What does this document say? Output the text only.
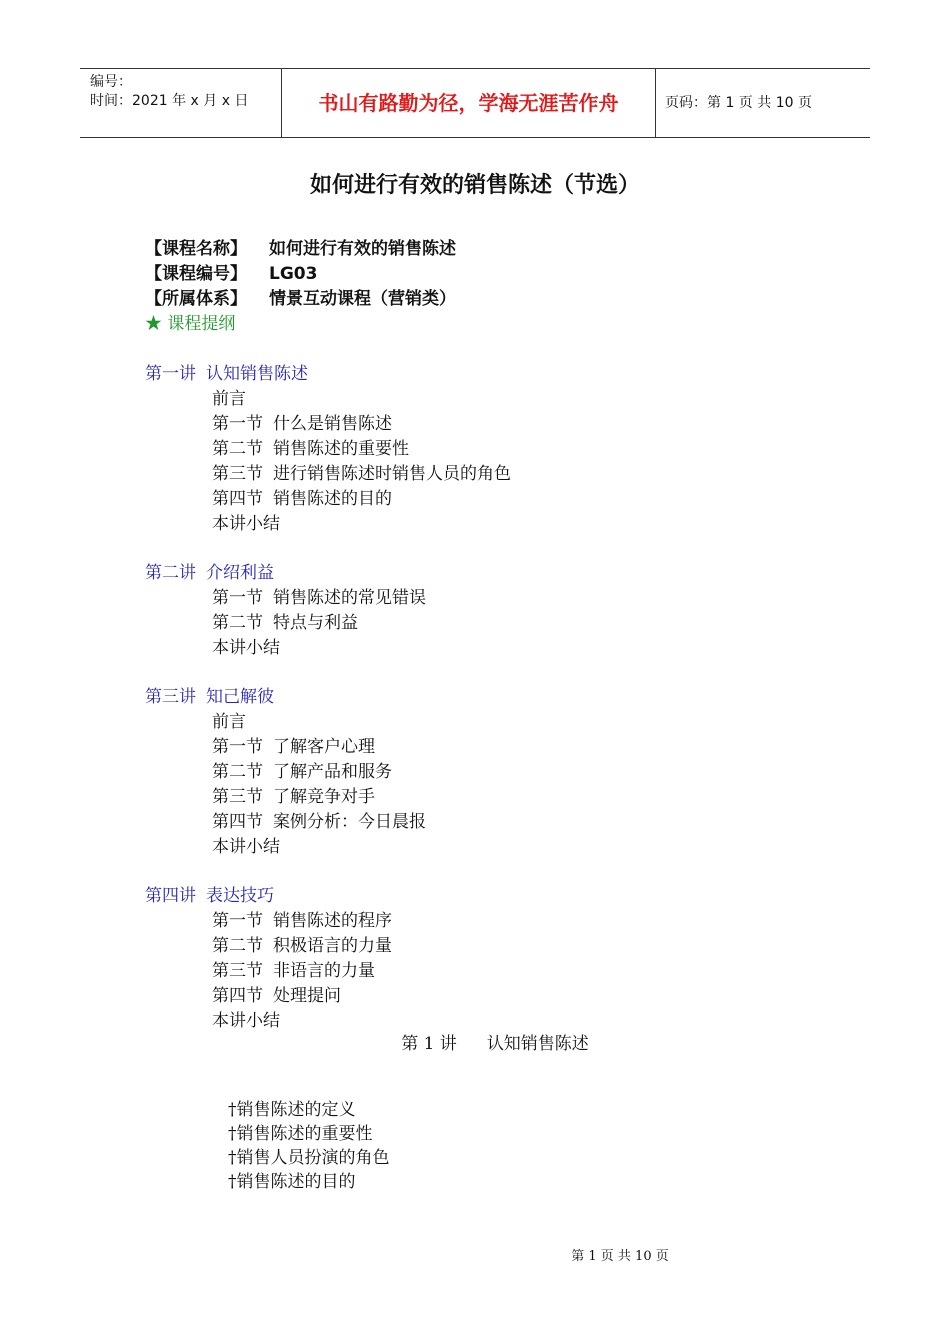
编号：
时间：2021 年 x 月 x 日	书山有路勤为径，学海无涯苦作舟	页码：第 1 页 共 10 页
如何进行有效的销售陈述（节选）
【课程名称】 如何进行有效的销售陈述
【课程编号】 LG03
【所属体系】 情景互动课程（营销类）
★ 课程提纲
第一讲 认知销售陈述
前言
第一节 什么是销售陈述
第二节 销售陈述的重要性
第三节 进行销售陈述时销售人员的角色
第四节 销售陈述的目的
本讲小结
第二讲 介绍利益
第一节 销售陈述的常见错误
第二节 特点与利益
本讲小结
第三讲 知己解彼
前言
第一节 了解客户心理
第二节 了解产品和服务
第三节 了解竞争对手
第四节 案例分析：今日晨报
本讲小结
第四讲 表达技巧
第一节 销售陈述的程序
第二节 积极语言的力量
第三节 非语言的力量
第四节 处理提问
本讲小结
第 1 讲 认知销售陈述
†销售陈述的定义
†销售陈述的重要性
†销售人员扮演的角色
†销售陈述的目的
第 1 页 共 10 页
